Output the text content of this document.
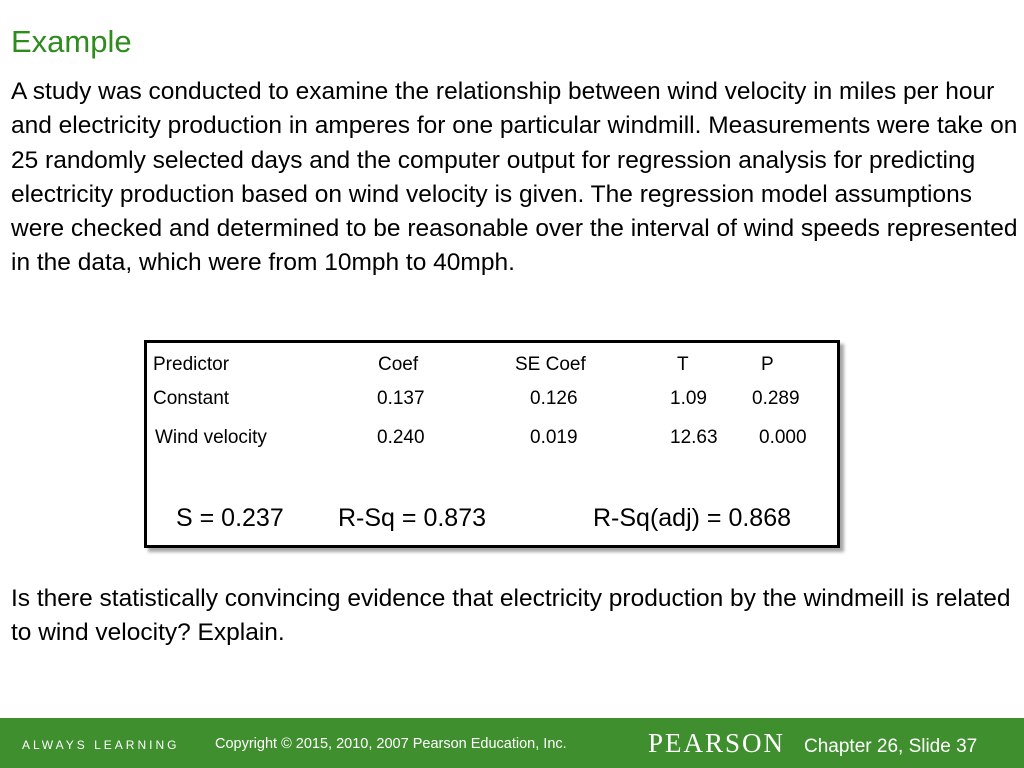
Example

A study was conducted to examine the relationship between wind velocity in miles per hour and electricity production in amperes for one particular windmill. Measurements were take on 25 randomly selected days and the computer output for regression analysis for predicting electricity production based on wind velocity is given. The regression model assumptions were checked and determined to be reasonable over the interval of wind speeds represented in the data, which were from 10mph to 40mph.

Predictor	Coef	SE Coef	T	P
Constant	0.137	0.126	1.09 0.289
Wind velocity	0.240	0.019	12.63 0.000
S = 0.237 R-Sq = 0.873	R-Sq(adj) = 0.868

Is there statistically convincing evidence that electricity production by the windmeill is related to wind velocity? Explain.

ALWAYS LEARNING Copyright © 2015, 2010, 2007 Pearson Education, Inc.	PEARSON Chapter 26, Slide 37
